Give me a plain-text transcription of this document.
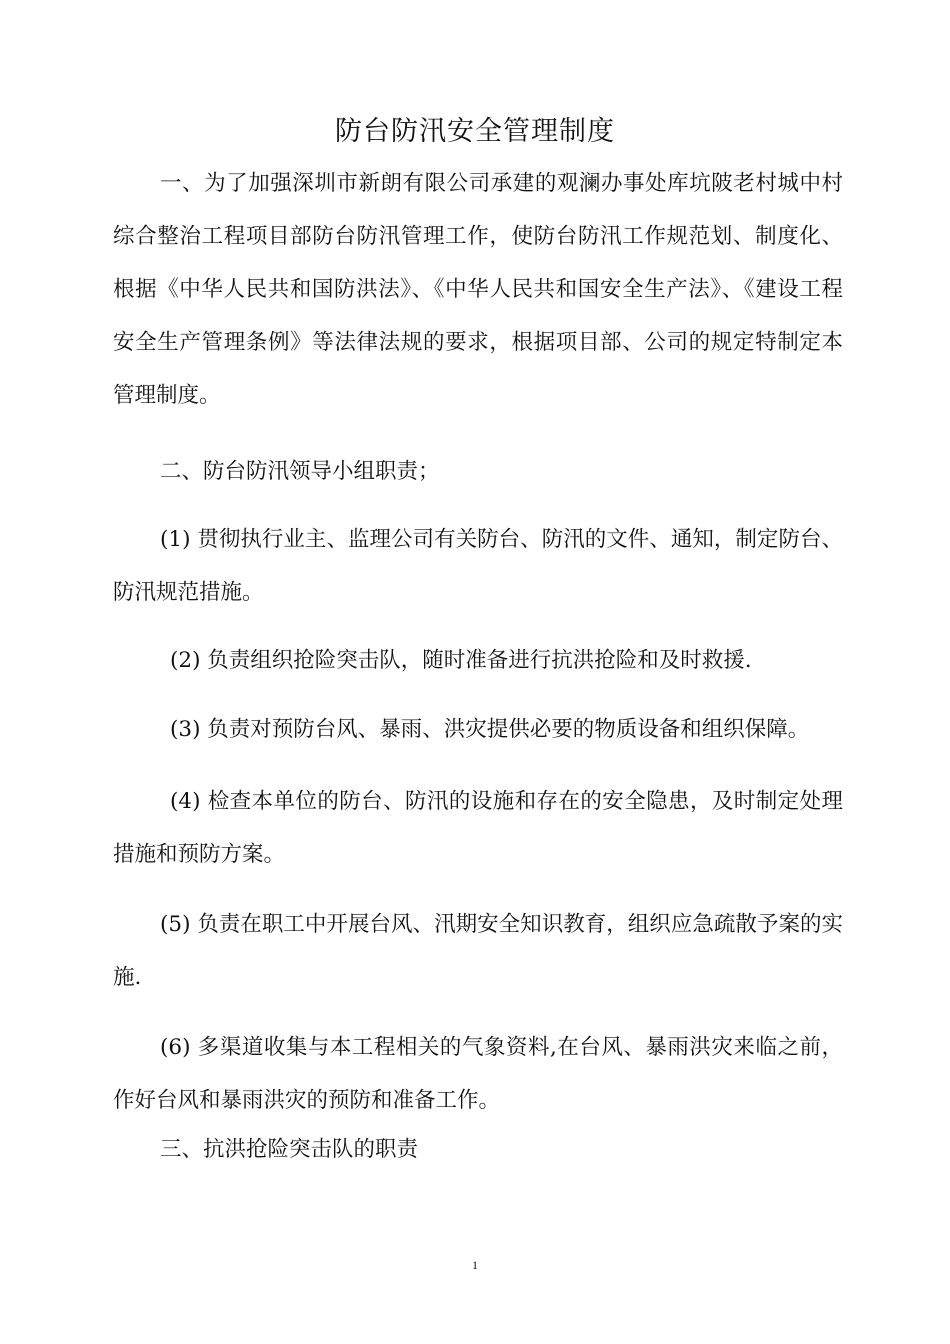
防台防汛安全管理制度

一、为了加强深圳市新朗有限公司承建的观澜办事处库坑陂老村城中村综合整治工程项目部防台防汛管理工作，使防台防汛工作规范划、制度化、根据《中华人民共和国防洪法》、《中华人民共和国安全生产法》、《建设工程安全生产管理条例》等法律法规的要求，根据项目部、公司的规定特制定本管理制度。

二、防台防汛领导小组职责；

(1) 贯彻执行业主、监理公司有关防台、防汛的文件、通知，制定防台、防汛规范措施。

(2) 负责组织抢险突击队，随时准备进行抗洪抢险和及时救援.

(3) 负责对预防台风、暴雨、洪灾提供必要的物质设备和组织保障。

(4) 检查本单位的防台、防汛的设施和存在的安全隐患，及时制定处理措施和预防方案。

(5) 负责在职工中开展台风、汛期安全知识教育，组织应急疏散予案的实施.

(6) 多渠道收集与本工程相关的气象资料,在台风、暴雨洪灾来临之前，作好台风和暴雨洪灾的预防和准备工作。

三、抗洪抢险突击队的职责

1
